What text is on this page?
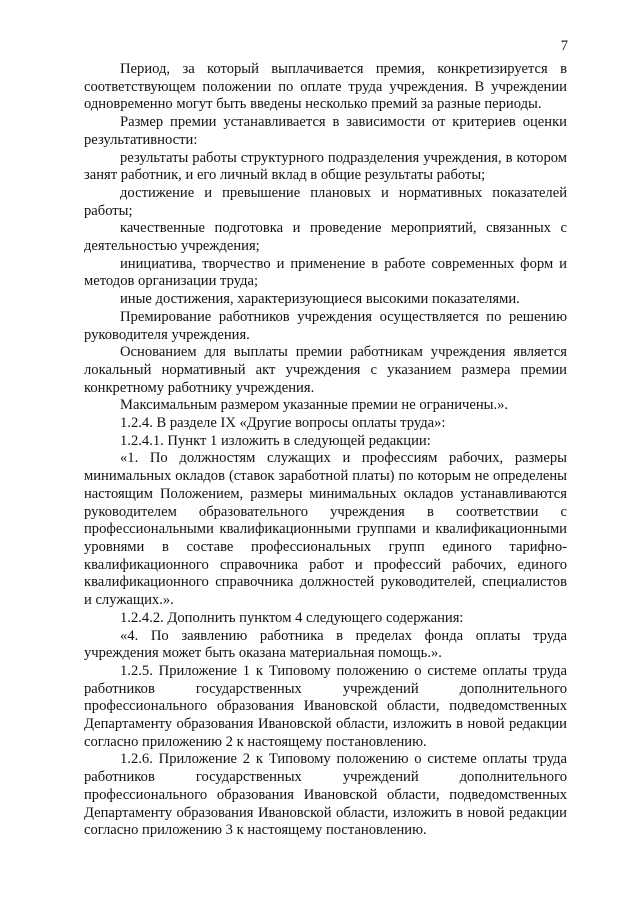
7

Период, за который выплачивается премия, конкретизируется в соответствующем положении по оплате труда учреждения. В учреждении одновременно могут быть введены несколько премий за разные периоды.

Размер премии устанавливается в зависимости от критериев оценки результативности:

результаты работы структурного подразделения учреждения, в котором занят работник, и его личный вклад в общие результаты работы;

достижение и превышение плановых и нормативных показателей работы;

качественные подготовка и проведение мероприятий, связанных с деятельностью учреждения;

инициатива, творчество и применение в работе современных форм и методов организации труда;

иные достижения, характеризующиеся высокими показателями.

Премирование работников учреждения осуществляется по решению руководителя учреждения.

Основанием для выплаты премии работникам учреждения является локальный нормативный акт учреждения с указанием размера премии конкретному работнику учреждения.

Максимальным размером указанные премии не ограничены.».

1.2.4. В разделе IX «Другие вопросы оплаты труда»:

1.2.4.1. Пункт 1 изложить в следующей редакции:

«1. По должностям служащих и профессиям рабочих, размеры минимальных окладов (ставок заработной платы) по которым не определены настоящим Положением, размеры минимальных окладов устанавливаются руководителем образовательного учреждения в соответствии с профессиональными квалификационными группами и квалификационными уровнями в составе профессиональных групп единого тарифно-квалификационного справочника работ и профессий рабочих, единого квалификационного справочника должностей руководителей, специалистов и служащих.».

1.2.4.2. Дополнить пунктом 4 следующего содержания:

«4. По заявлению работника в пределах фонда оплаты труда учреждения может быть оказана материальная помощь.».

1.2.5. Приложение 1 к Типовому положению о системе оплаты труда работников государственных учреждений дополнительного профессионального образования Ивановской области, подведомственных Департаменту образования Ивановской области, изложить в новой редакции согласно приложению 2 к настоящему постановлению.

1.2.6. Приложение 2 к Типовому положению о системе оплаты труда работников государственных учреждений дополнительного профессионального образования Ивановской области, подведомственных Департаменту образования Ивановской области, изложить в новой редакции согласно приложению 3 к настоящему постановлению.
